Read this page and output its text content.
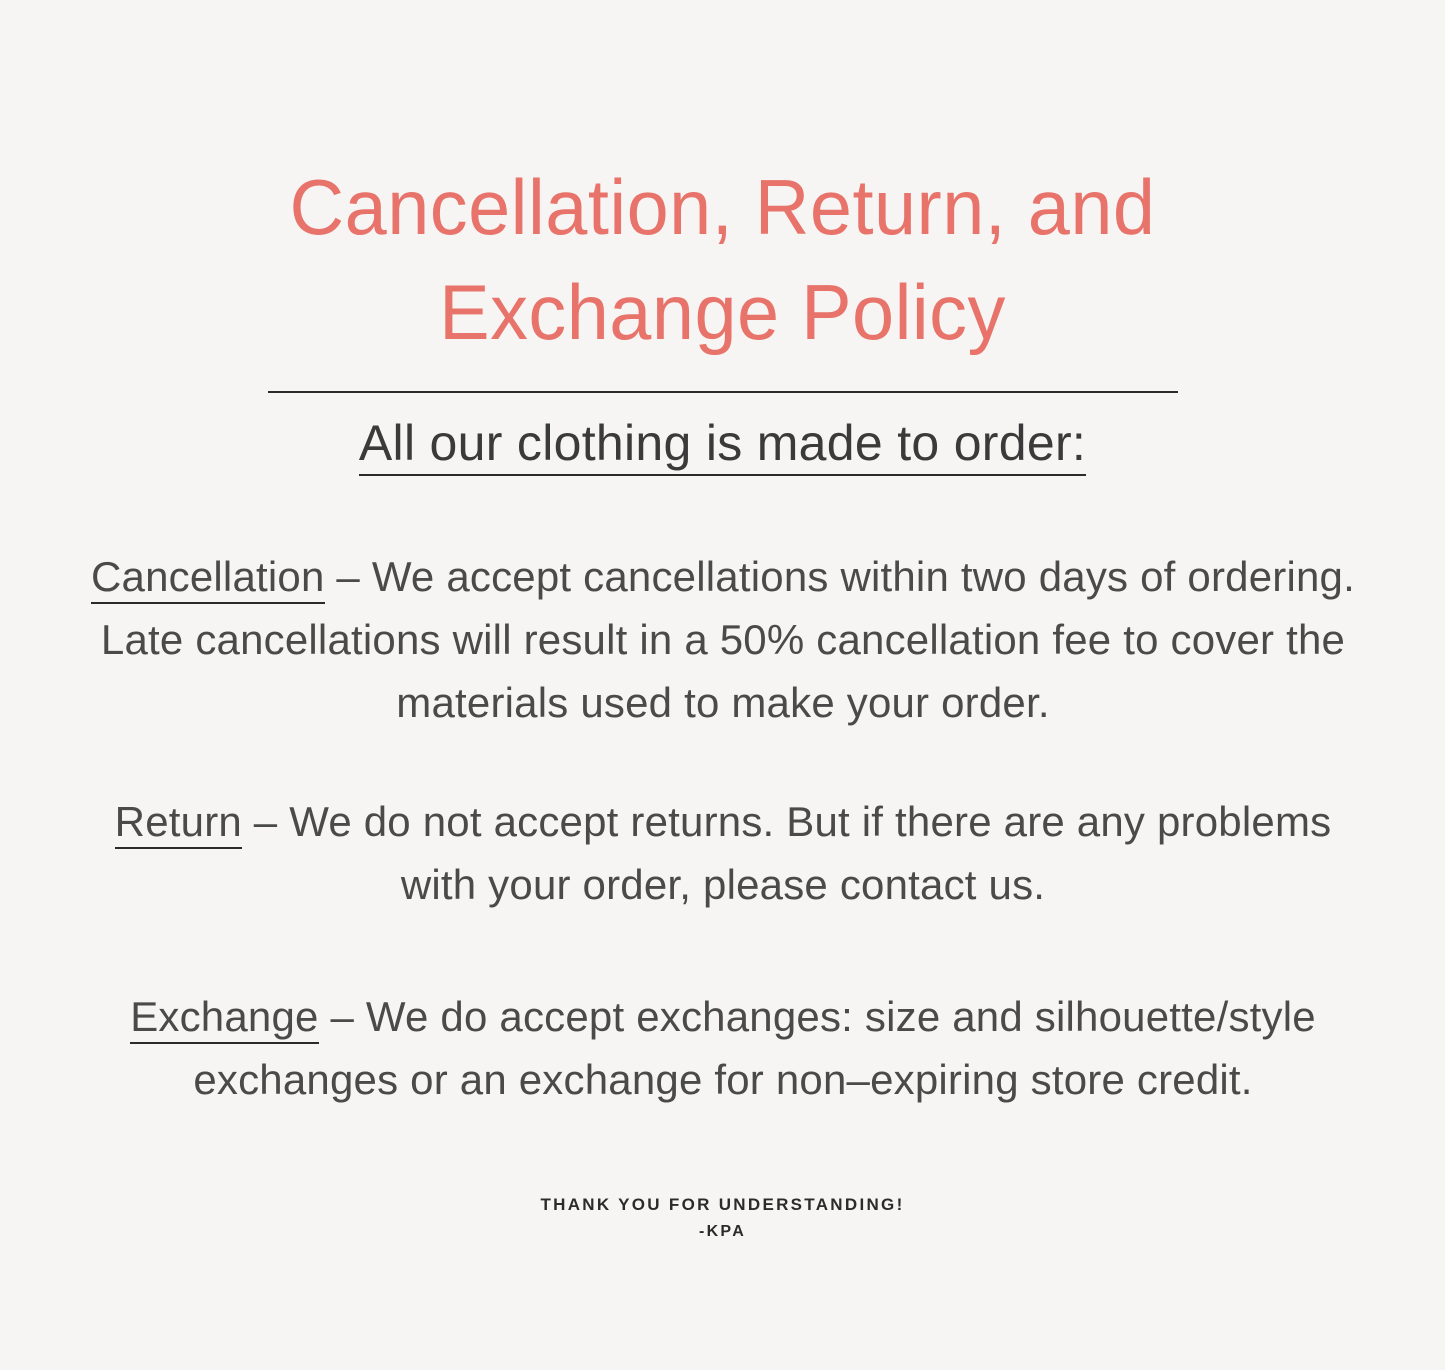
Cancellation, Return, and Exchange Policy
All our clothing is made to order:
Cancellation – We accept cancellations within two days of ordering. Late cancellations will result in a 50% cancellation fee to cover the materials used to make your order.
Return – We do not accept returns. But if there are any problems with your order, please contact us.
Exchange – We do accept exchanges: size and silhouette/style exchanges or an exchange for non–expiring store credit.
THANK YOU FOR UNDERSTANDING!
-KPA
